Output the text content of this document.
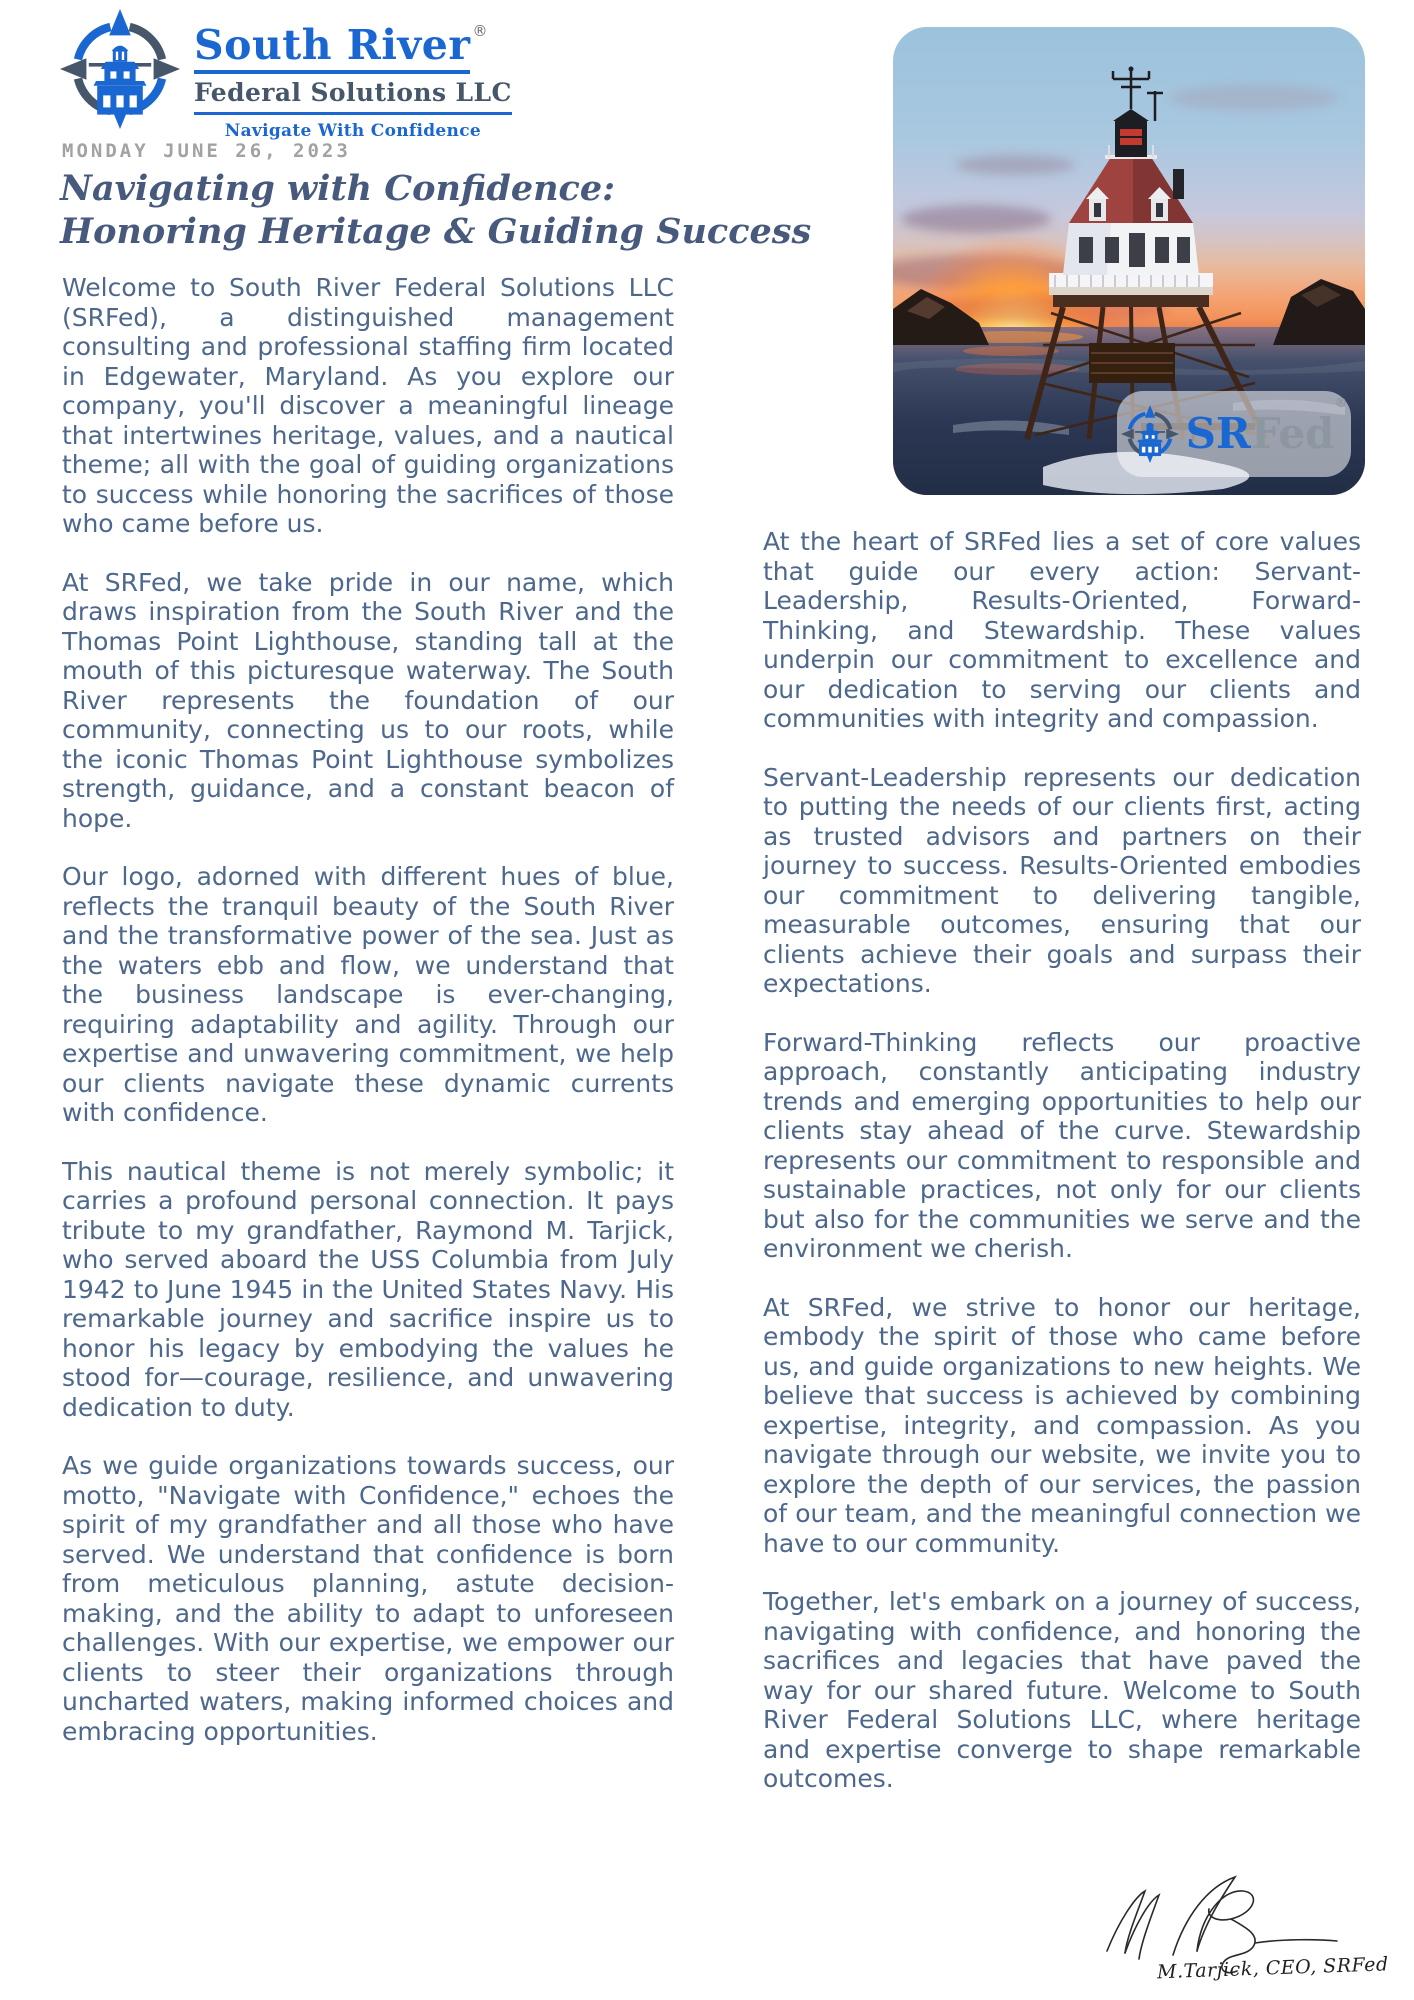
South River ®
Federal Solutions LLC
Navigate With Confidence
MONDAY JUNE 26, 2023
Navigating with Confidence:
Honoring Heritage & Guiding Success
SRFed®

Welcome to South River Federal Solutions LLC (SRFed), a distinguished management consulting and professional staffing firm located in Edgewater, Maryland. As you explore our company, you'll discover a meaningful lineage that intertwines heritage, values, and a nautical theme; all with the goal of guiding organizations to success while honoring the sacrifices of those who came before us.

At SRFed, we take pride in our name, which draws inspiration from the South River and the Thomas Point Lighthouse, standing tall at the mouth of this picturesque waterway. The South River represents the foundation of our community, connecting us to our roots, while the iconic Thomas Point Lighthouse symbolizes strength, guidance, and a constant beacon of hope.

Our logo, adorned with different hues of blue, reflects the tranquil beauty of the South River and the transformative power of the sea. Just as the waters ebb and flow, we understand that the business landscape is ever-changing, requiring adaptability and agility. Through our expertise and unwavering commitment, we help our clients navigate these dynamic currents with confidence.

This nautical theme is not merely symbolic; it carries a profound personal connection. It pays tribute to my grandfather, Raymond M. Tarjick, who served aboard the USS Columbia from July 1942 to June 1945 in the United States Navy. His remarkable journey and sacrifice inspire us to honor his legacy by embodying the values he stood for—courage, resilience, and unwavering dedication to duty.

As we guide organizations towards success, our motto, "Navigate with Confidence," echoes the spirit of my grandfather and all those who have served. We understand that confidence is born from meticulous planning, astute decision-making, and the ability to adapt to unforeseen challenges. With our expertise, we empower our clients to steer their organizations through uncharted waters, making informed choices and embracing opportunities.

At the heart of SRFed lies a set of core values that guide our every action: Servant-Leadership, Results-Oriented, Forward-Thinking, and Stewardship. These values underpin our commitment to excellence and our dedication to serving our clients and communities with integrity and compassion.

Servant-Leadership represents our dedication to putting the needs of our clients first, acting as trusted advisors and partners on their journey to success. Results-Oriented embodies our commitment to delivering tangible, measurable outcomes, ensuring that our clients achieve their goals and surpass their expectations.

Forward-Thinking reflects our proactive approach, constantly anticipating industry trends and emerging opportunities to help our clients stay ahead of the curve. Stewardship represents our commitment to responsible and sustainable practices, not only for our clients but also for the communities we serve and the environment we cherish.

At SRFed, we strive to honor our heritage, embody the spirit of those who came before us, and guide organizations to new heights. We believe that success is achieved by combining expertise, integrity, and compassion. As you navigate through our website, we invite you to explore the depth of our services, the passion of our team, and the meaningful connection we have to our community.

Together, let's embark on a journey of success, navigating with confidence, and honoring the sacrifices and legacies that have paved the way for our shared future. Welcome to South River Federal Solutions LLC, where heritage and expertise converge to shape remarkable outcomes.

M.Tarjick, CEO, SRFed
